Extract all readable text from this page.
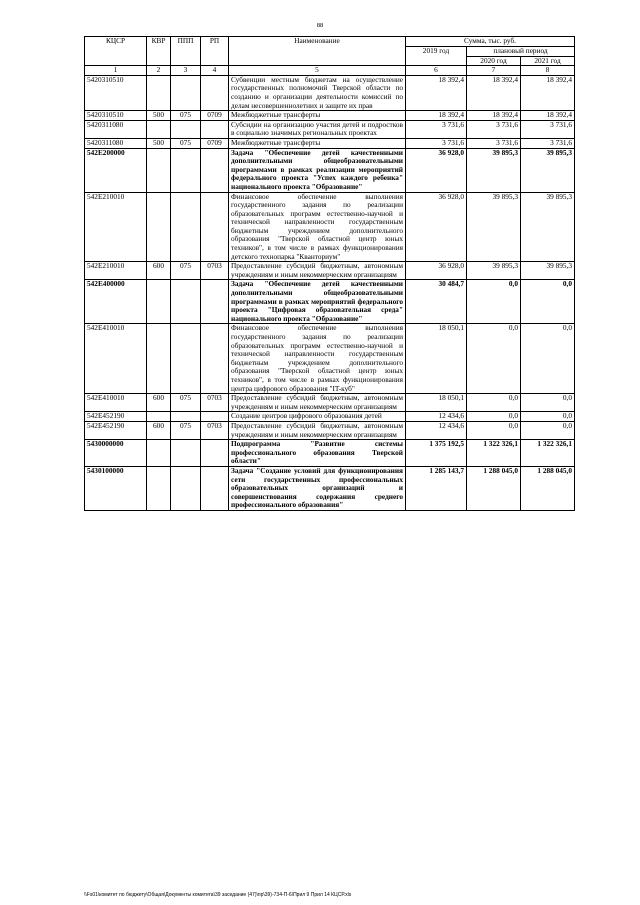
88
КЦСР	КВР	ППП	РП	Наименование	Сумма, тыс. руб.		
					2019 год	плановый период	
						2020 год	2021 год
1	2	3	4	5	6	7	8
5420310510				Субвенции местным бюджетам на осуществление государственных полномочий Тверской области по созданию и организации деятельности комиссий по делам несовершеннолетних и защите их прав	18 392,4	18 392,4	18 392,4
5420310510	500	075	0709	Межбюджетные трансферты	18 392,4	18 392,4	18 392,4
5420311080				Субсидии на организацию участия детей и подростков в социально значимых региональных проектах	3 731,6	3 731,6	3 731,6
5420311080	500	075	0709	Межбюджетные трансферты	3 731,6	3 731,6	3 731,6
542E200000				Задача "Обеспечение детей качественными дополнительными общеобразовательными программами в рамках реализации мероприятий федерального проекта "Успех каждого ребенка" национального проекта "Образование"	36 928,0	39 895,3	39 895,3
542E210010				Финансовое обеспечение выполнения государственного задания по реализации образовательных программ естественно-научной и технической направленности государственным бюджетным учреждением дополнительного образования "Тверской областной центр юных техников", в том числе в рамках функционирования детского технопарка "Кванториум"	36 928,0	39 895,3	39 895,3
542E210010	600	075	0703	Предоставление субсидий бюджетным, автономным учреждениям и иным некоммерческим организациям	36 928,0	39 895,3	39 895,3
542E400000				Задача "Обеспечение детей качественными дополнительными общеобразовательными программами в рамках мероприятий федерального проекта "Цифровая образовательная среда" национального проекта "Образование"	30 484,7	0,0	0,0
542E410010				Финансовое обеспечение выполнения государственного задания по реализации образовательных программ естественно-научной и технической направленности государственным бюджетным учреждением дополнительного образования "Тверской областной центр юных техников", в том числе в рамках функционирования центра цифрового образования "IT-куб"	18 050,1	0,0	0,0
542E410010	600	075	0703	Предоставление субсидий бюджетным, автономным учреждениям и иным некоммерческим организациям	18 050,1	0,0	0,0
542E452190				Создание центров цифрового образования детей	12 434,6	0,0	0,0
542E452190	600	075	0703	Предоставление субсидий бюджетным, автономным учреждениям и иным некоммерческим организациям	12 434,6	0,0	0,0
5430000000				Подпрограмма "Развитие системы профессионального образования Тверской области"	1 375 192,5	1 322 326,1	1 322 326,1
5430100000				Задача "Создание условий для функционирования сети государственных профессиональных образовательных организаций и совершенствования содержания среднего профессионального образования"	1 285 143,7	1 288 045,0	1 288 045,0
\\Fs01\комитет по бюджету\Общая\Документы комитета\39 заседание (47)\пр\39)-734-П-6\Прил 9 Прил 14 КЦСР.xls
